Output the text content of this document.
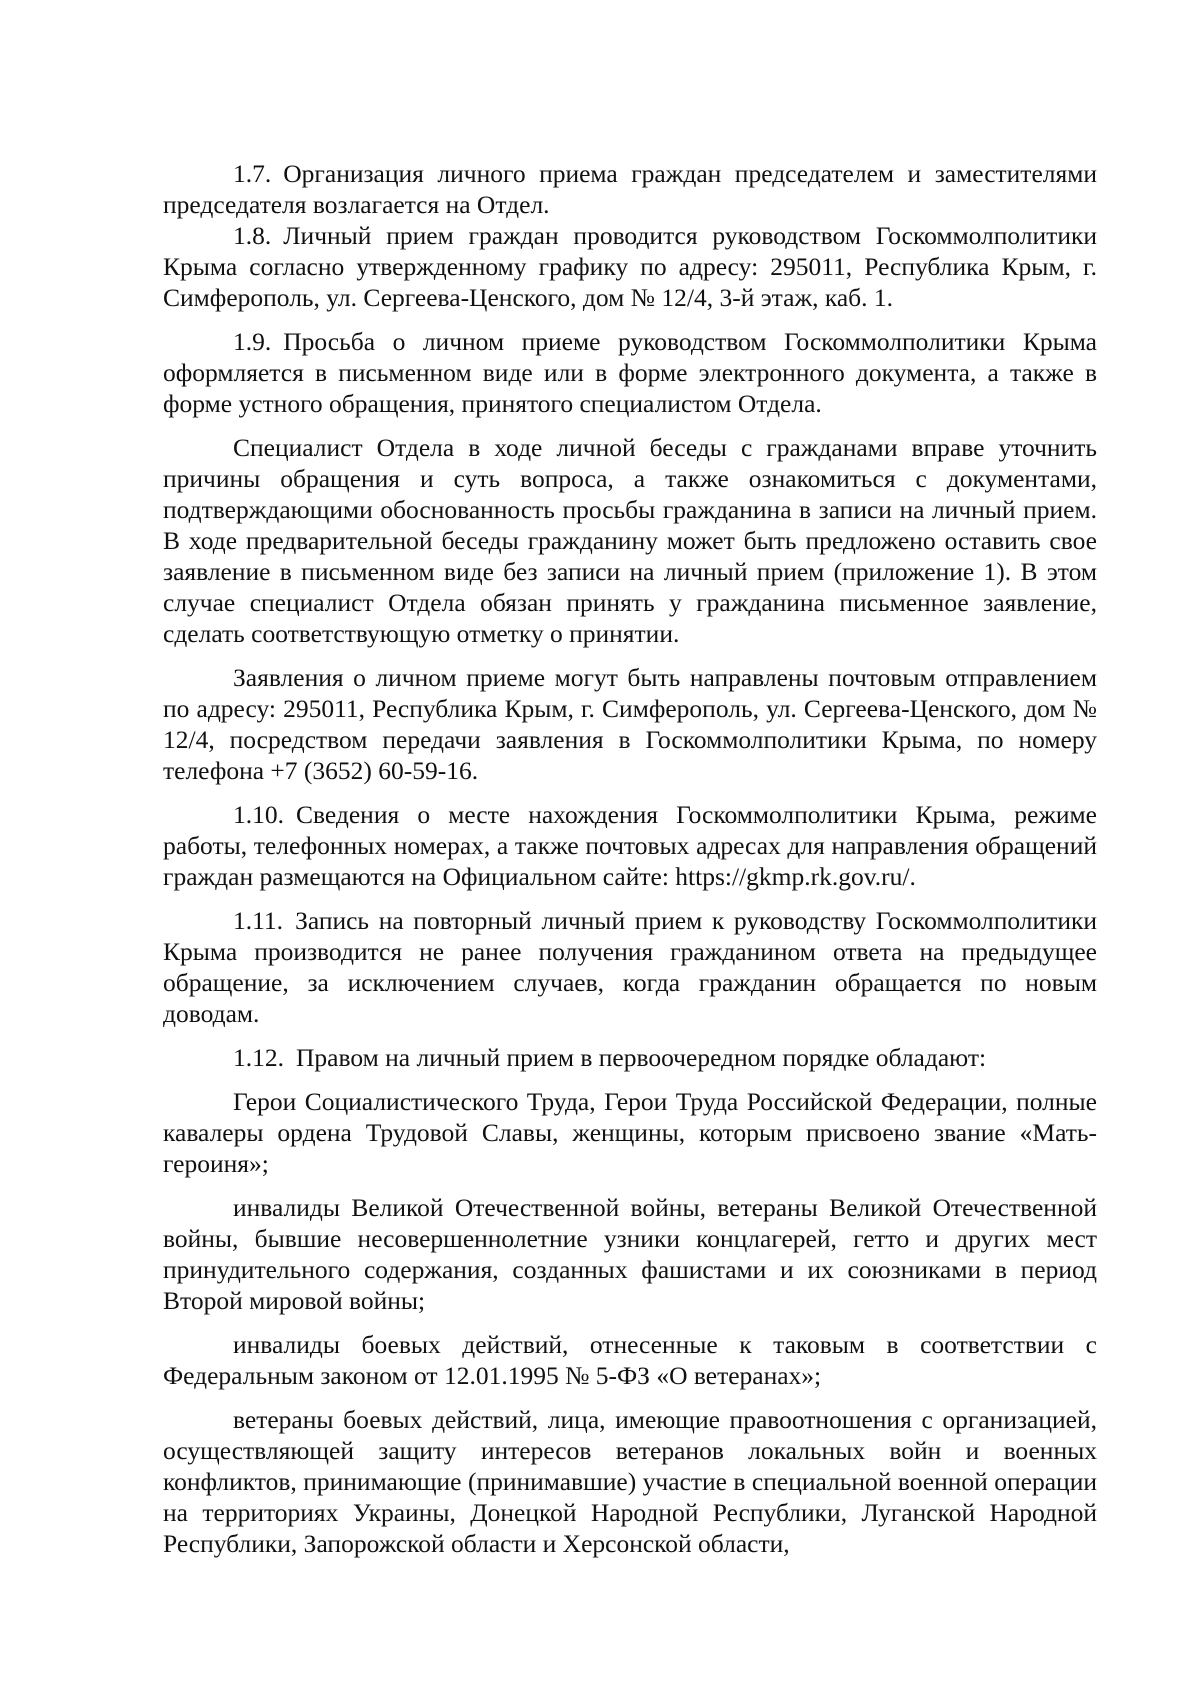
1.7. Организация личного приема граждан председателем и заместителями председателя возлагается на Отдел.

1.8. Личный прием граждан проводится руководством Госкоммолполитики Крыма согласно утвержденному графику по адресу: 295011, Республика Крым, г. Симферополь, ул. Сергеева-Ценского, дом № 12/4, 3-й этаж, каб. 1.

1.9. Просьба о личном приеме руководством Госкоммолполитики Крыма оформляется в письменном виде или в форме электронного документа, а также в форме устного обращения, принятого специалистом Отдела.

Специалист Отдела в ходе личной беседы с гражданами вправе уточнить причины обращения и суть вопроса, а также ознакомиться с документами, подтверждающими обоснованность просьбы гражданина в записи на личный прием. В ходе предварительной беседы гражданину может быть предложено оставить свое заявление в письменном виде без записи на личный прием (приложение 1). В этом случае специалист Отдела обязан принять у гражданина письменное заявление, сделать соответствующую отметку о принятии.

Заявления о личном приеме могут быть направлены почтовым отправлением по адресу: 295011, Республика Крым, г. Симферополь, ул. Сергеева-Ценского, дом № 12/4, посредством передачи заявления в Госкоммолполитики Крыма, по номеру телефона +7 (3652) 60-59-16.

1.10. Сведения о месте нахождения Госкоммолполитики Крыма, режиме работы, телефонных номерах, а также почтовых адресах для направления обращений граждан размещаются на Официальном сайте: https://gkmp.rk.gov.ru/.

1.11. Запись на повторный личный прием к руководству Госкоммолполитики Крыма производится не ранее получения гражданином ответа на предыдущее обращение, за исключением случаев, когда гражданин обращается по новым доводам.

1.12. Правом на личный прием в первоочередном порядке обладают:

Герои Социалистического Труда, Герои Труда Российской Федерации, полные кавалеры ордена Трудовой Славы, женщины, которым присвоено звание «Мать-героиня»;

инвалиды Великой Отечественной войны, ветераны Великой Отечественной войны, бывшие несовершеннолетние узники концлагерей, гетто и других мест принудительного содержания, созданных фашистами и их союзниками в период Второй мировой войны;

инвалиды боевых действий, отнесенные к таковым в соответствии с Федеральным законом от 12.01.1995 № 5-ФЗ «О ветеранах»;

ветераны боевых действий, лица, имеющие правоотношения с организацией, осуществляющей защиту интересов ветеранов локальных войн и военных конфликтов, принимающие (принимавшие) участие в специальной военной операции на территориях Украины, Донецкой Народной Республики, Луганской Народной Республики, Запорожской области и Херсонской области,
